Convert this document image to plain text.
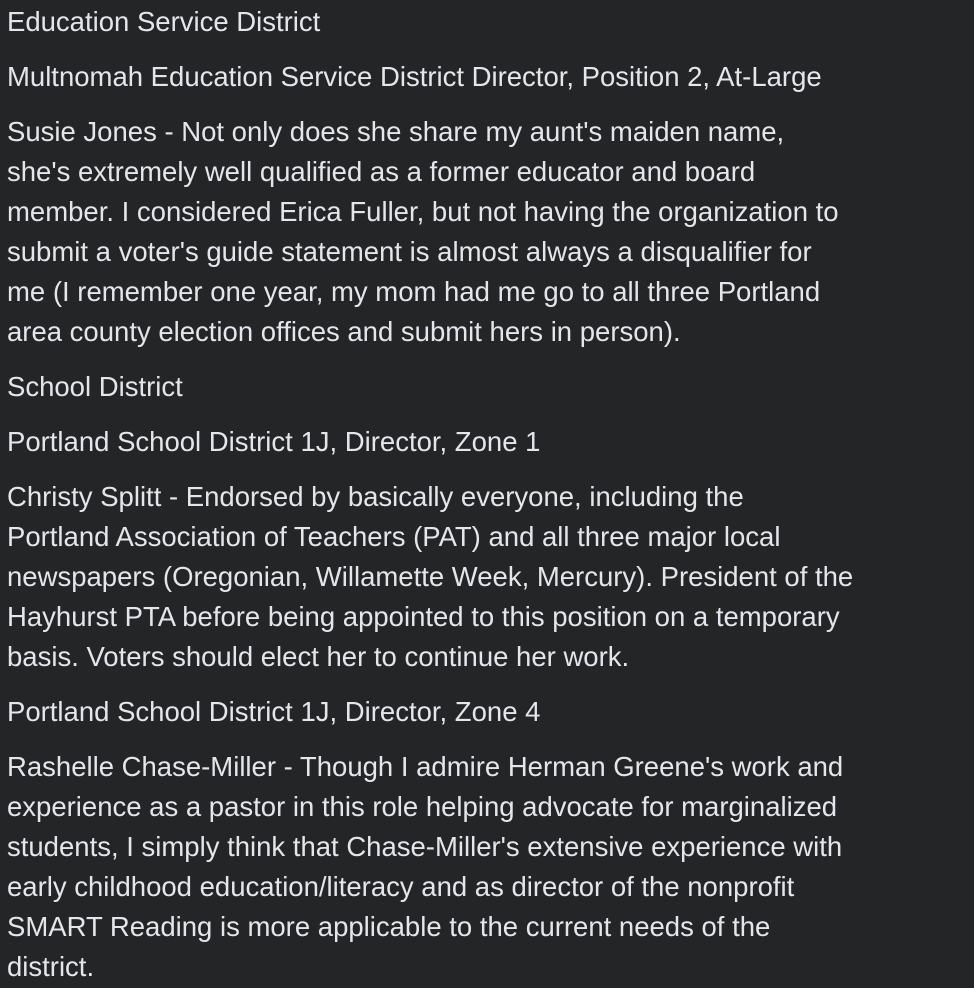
Education Service District

Multnomah Education Service District Director, Position 2, At-Large

Susie Jones - Not only does she share my aunt's maiden name,
she's extremely well qualified as a former educator and board
member. I considered Erica Fuller, but not having the organization to
submit a voter's guide statement is almost always a disqualifier for
me (I remember one year, my mom had me go to all three Portland
area county election offices and submit hers in person).

School District

Portland School District 1J, Director, Zone 1

Christy Splitt - Endorsed by basically everyone, including the
Portland Association of Teachers (PAT) and all three major local
newspapers (Oregonian, Willamette Week, Mercury). President of the
Hayhurst PTA before being appointed to this position on a temporary
basis. Voters should elect her to continue her work.

Portland School District 1J, Director, Zone 4

Rashelle Chase-Miller - Though I admire Herman Greene's work and
experience as a pastor in this role helping advocate for marginalized
students, I simply think that Chase-Miller's extensive experience with
early childhood education/literacy and as director of the nonprofit
SMART Reading is more applicable to the current needs of the
district.
